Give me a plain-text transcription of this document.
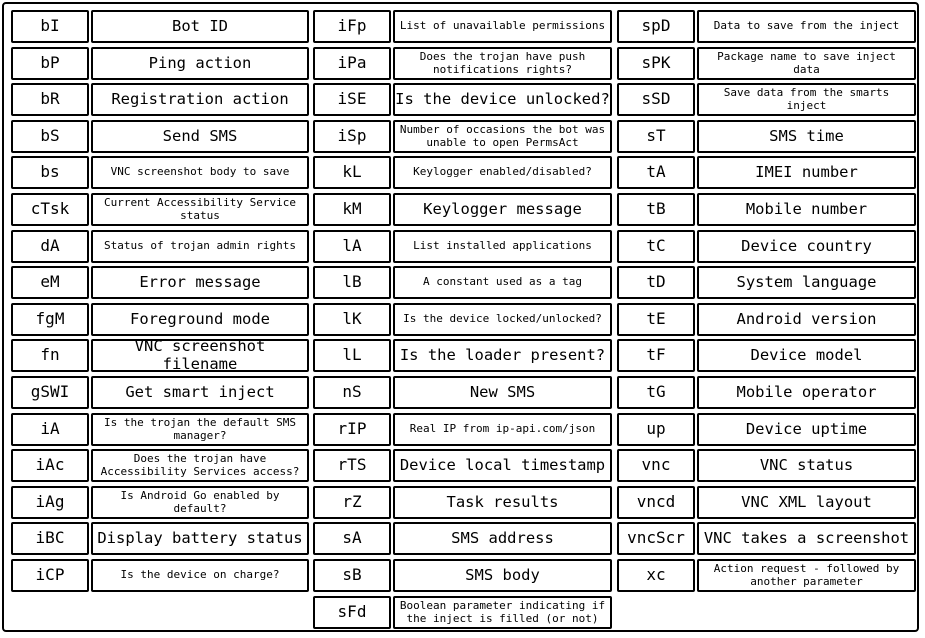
bI	Bot ID
bP	Ping action
bR	Registration action
bS	Send SMS
bs	VNC screenshot body to save
cTsk	Current Accessibility Service status
dA	Status of trojan admin rights
eM	Error message
fgM	Foreground mode
fn	VNC screenshot filename
gSWI	Get smart inject
iA	Is the trojan the default SMS manager?
iAc	Does the trojan have Accessibility Services access?
iAg	Is Android Go enabled by default?
iBC	Display battery status
iCP	Is the device on charge?
iFp	List of unavailable permissions
iPa	Does the trojan have push notifications rights?
iSE	Is the device unlocked?
iSp	Number of occasions the bot was unable to open PermsAct
kL	Keylogger enabled/disabled?
kM	Keylogger message
lA	List installed applications
lB	A constant used as a tag
lK	Is the device locked/unlocked?
lL	Is the loader present?
nS	New SMS
rIP	Real IP from ip-api.com/json
rTS	Device local timestamp
rZ	Task results
sA	SMS address
sB	SMS body
sFd	Boolean parameter indicating if the inject is filled (or not)
spD	Data to save from the inject
sPK	Package name to save inject data
sSD	Save data from the smarts inject
sT	SMS time
tA	IMEI number
tB	Mobile number
tC	Device country
tD	System language
tE	Android version
tF	Device model
tG	Mobile operator
up	Device uptime
vnc	VNC status
vncd	VNC XML layout
vncScr	VNC takes a screenshot
xc	Action request - followed by another parameter
